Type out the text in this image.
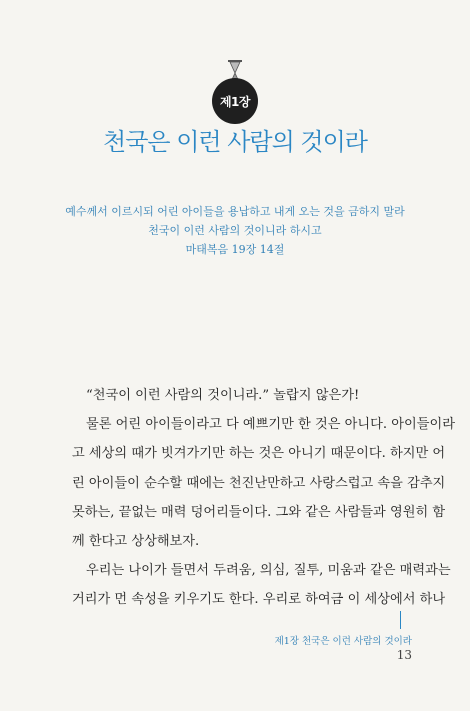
제1장
천국은 이런 사람의 것이라
예수께서 이르시되 어린 아이들을 용납하고 내게 오는 것을 금하지 말라
천국이 이런 사람의 것이니라 하시고
마태복음 19장 14절
“천국이 이런 사람의 것이니라.” 놀랍지 않은가!
물론 어린 아이들이라고 다 예쁘기만 한 것은 아니다. 아이들이라
고 세상의 때가 빗겨가기만 하는 것은 아니기 때문이다. 하지만 어
린 아이들이 순수할 때에는 천진난만하고 사랑스럽고 속을 감추지
못하는, 끝없는 매력 덩어리들이다. 그와 같은 사람들과 영원히 함
께 한다고 상상해보자.
우리는 나이가 들면서 두려움, 의심, 질투, 미움과 같은 매력과는
거리가 먼 속성을 키우기도 한다. 우리로 하여금 이 세상에서 하나
제1장 천국은 이런 사람의 것이라
13
